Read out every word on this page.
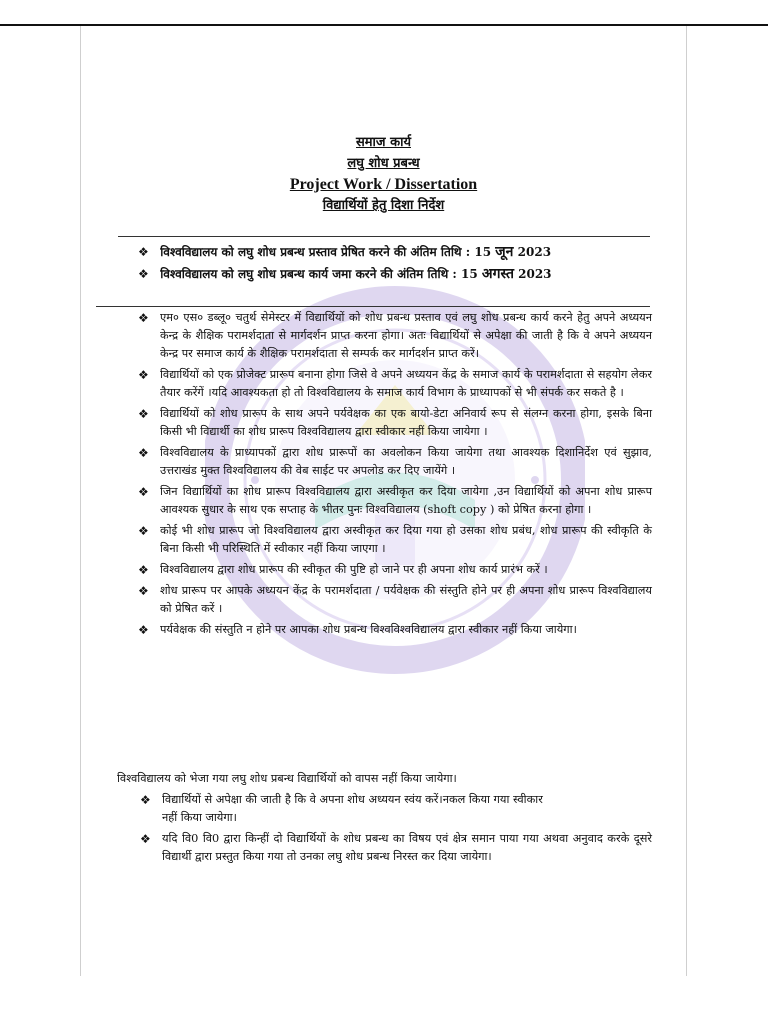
समाज कार्य
लघु शोध प्रबन्ध
Project Work / Dissertation
विद्यार्थियों हेतु दिशा निर्देश
❖ विश्वविद्यालय को लघु शोध प्रबन्ध प्रस्ताव प्रेषित करने की अंतिम तिथि : 15 जून 2023
❖ विश्वविद्यालय को लघु शोध प्रबन्ध कार्य जमा करने की अंतिम तिथि : 15 अगस्त 2023
❖ एम० एस० डब्लू० चतुर्थ सेमेस्टर में विद्यार्थियों को शोध प्रबन्ध प्रस्ताव एवं लघु शोध प्रबन्ध कार्य करने हेतु अपने अध्ययन केन्द्र के शैक्षिक परामर्शदाता से मार्गदर्शन प्राप्त करना होगा। अतः विद्यार्थियों से अपेक्षा की जाती है कि वे अपने अध्ययन केन्द्र पर समाज कार्य के शैक्षिक परामर्शदाता से सम्पर्क कर मार्गदर्शन प्राप्त करें।
❖ विद्यार्थियों को एक प्रोजेक्ट प्रारूप बनाना होगा जिसे वे अपने अध्ययन केंद्र के समाज कार्य के परामर्शदाता से सहयोग लेकर तैयार करेंगें ।यदि आवश्यकता हो तो विश्वविद्यालय के समाज कार्य विभाग के प्राध्यापकों से भी संपर्क कर सकते है ।
❖ विद्यार्थियों को शोध प्रारूप के साथ अपने पर्यवेक्षक का एक बायो-डेटा अनिवार्य रूप से संलग्न करना होगा, इसके बिना किसी भी विद्यार्थी का शोध प्रारूप विश्वविद्यालय द्वारा स्वीकार नहीं किया जायेगा ।
❖ विश्वविद्यालय के प्राध्यापकों द्वारा शोध प्रारूपों का अवलोकन किया जायेगा तथा आवश्यक दिशानिर्देश एवं सुझाव, उत्तराखंड मुक्त विश्वविद्यालय की वेब साईट पर अपलोड कर दिए जायेंगे ।
❖ जिन विद्यार्थियों का शोध प्रारूप विश्वविद्यालय द्वारा अस्वीकृत कर दिया जायेगा ,उन विद्यार्थियों को अपना शोध प्रारूप आवश्यक सुधार के साथ एक सप्ताह के भीतर पुनः विश्वविद्यालय (shoft copy ) को प्रेषित करना होगा ।
❖ कोई भी शोध प्रारूप जो विश्वविद्यालय द्वारा अस्वीकृत कर दिया गया हो उसका शोध प्रबंध, शोध प्रारूप की स्वीकृति के बिना किसी भी परिस्थिति में स्वीकार नहीं किया जाएगा ।
❖ विश्वविद्यालय द्वारा शोध प्रारूप की स्वीकृत की पुष्टि हो जाने पर ही अपना शोध कार्य प्रारंभ करें ।
❖ शोध प्रारूप पर आपके अध्ययन केंद्र के परामर्शदाता / पर्यवेक्षक की संस्तुति होने पर ही अपना शोध प्रारूप विश्वविद्यालय को प्रेषित करें ।
❖ पर्यवेक्षक की संस्तुति न होने पर आपका शोध प्रबन्ध विश्वविश्वविद्यालय द्वारा स्वीकार नहीं किया जायेगा।
विश्वविद्यालय को भेजा गया लघु शोध प्रबन्ध विद्यार्थियों को वापस नहीं किया जायेगा।
❖ विद्यार्थियों से अपेक्षा की जाती है कि वे अपना शोध अध्ययन स्वंय करें।नकल किया गया स्वीकार
नहीं किया जायेगा।
❖ यदि वि0 वि0 द्वारा किन्हीं दो विद्यार्थियों के शोध प्रबन्ध का विषय एवं क्षेत्र समान पाया गया अथवा अनुवाद करके दूसरे विद्यार्थी द्वारा प्रस्तुत किया गया तो उनका लघु शोध प्रबन्ध निरस्त कर दिया जायेगा।
